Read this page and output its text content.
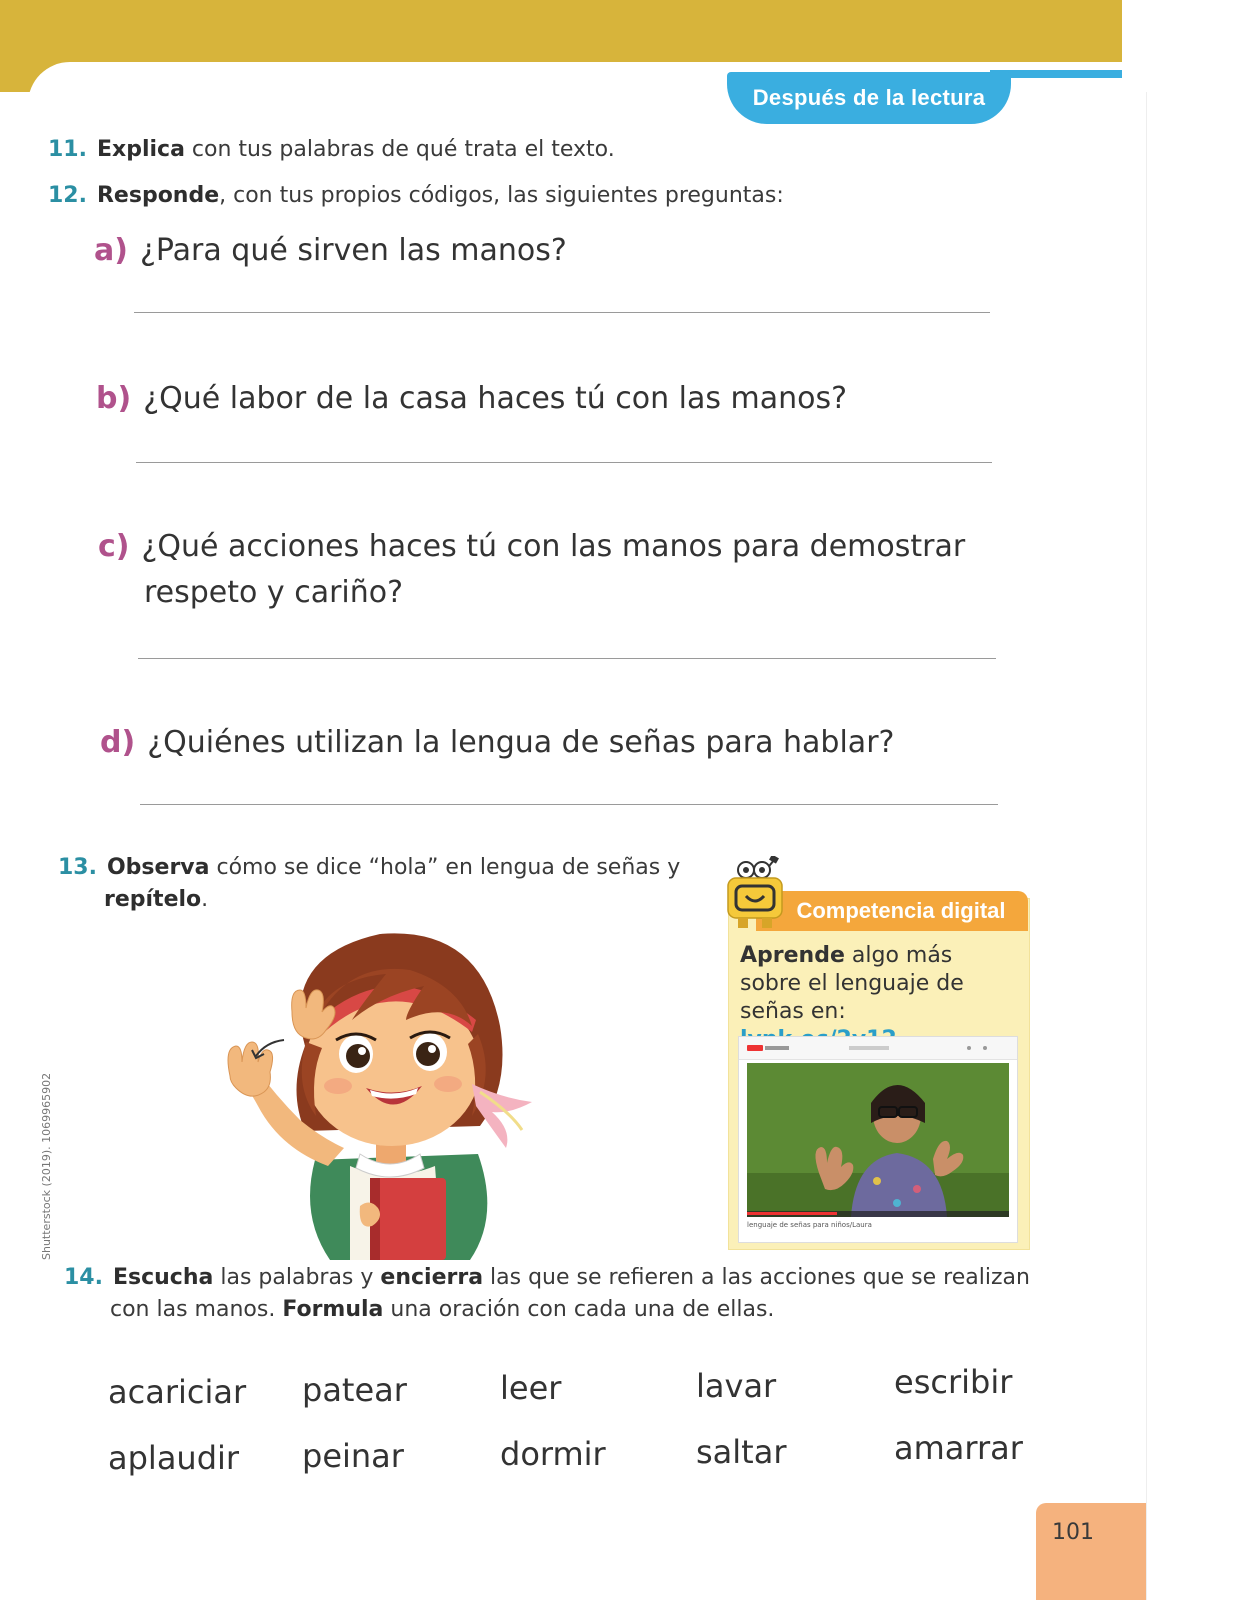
Después de la lectura
11. Explica con tus palabras de qué trata el texto.
12. Responde, con tus propios códigos, las siguientes preguntas:
a) ¿Para qué sirven las manos?
b) ¿Qué labor de la casa haces tú con las manos?
c) ¿Qué acciones haces tú con las manos para demostrar respeto y cariño?
d) ¿Quiénes utilizan la lengua de señas para hablar?
13. Observa cómo se dice “hola” en lengua de señas y repítelo.
Shutterstock (2019). 1069965902
Competencia digital
Aprende algo más sobre el lenguaje de señas en:
lenguaje de señas para niños/Laura
14. Escucha las palabras y encierra las que se refieren a las acciones que se realizan con las manos. Formula una oración con cada una de ellas.
acariciar patear	leer	lavar	escribir
aplaudir peinar	dormir	saltar	amarrar
101
